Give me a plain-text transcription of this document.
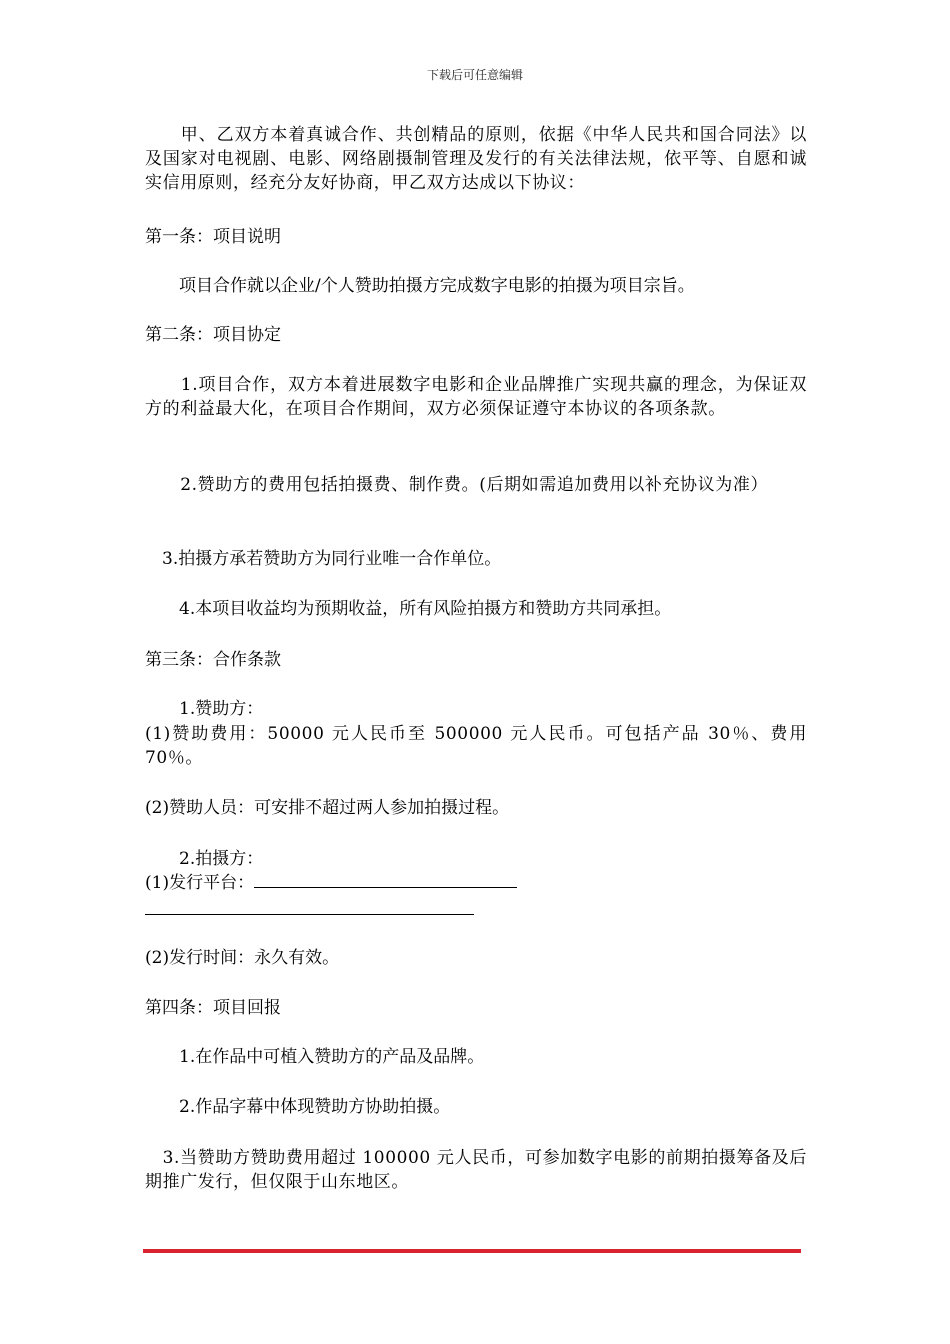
下载后可任意编辑
　　甲、乙双方本着真诚合作、共创精品的原则，依据《中华人民共和国合同法》以及国家对电视剧、电影、网络剧摄制管理及发行的有关法律法规，依平等、自愿和诚实信用原则，经充分友好协商，甲乙双方达成以下协议：
第一条：项目说明
　　项目合作就以企业/个人赞助拍摄方完成数字电影的拍摄为项目宗旨。
第二条：项目协定
　　1.项目合作，双方本着进展数字电影和企业品牌推广实现共赢的理念，为保证双方的利益最大化，在项目合作期间，双方必须保证遵守本协议的各项条款。
　　2.赞助方的费用包括拍摄费、制作费。(后期如需追加费用以补充协议为准）
　3.拍摄方承若赞助方为同行业唯一合作单位。
　　4.本项目收益均为预期收益，所有风险拍摄方和赞助方共同承担。
第三条：合作条款
　　1.赞助方：
(1)赞助费用：50000 元人民币至 500000 元人民币。可包括产品 30％、费用 70％。
(2)赞助人员：可安排不超过两人参加拍摄过程。
　　2.拍摄方：
(1)发行平台：
(2)发行时间：永久有效。
第四条：项目回报
　　1.在作品中可植入赞助方的产品及品牌。
　　2.作品字幕中体现赞助方协助拍摄。
　3.当赞助方赞助费用超过 100000 元人民币，可参加数字电影的前期拍摄筹备及后期推广发行，但仅限于山东地区。
